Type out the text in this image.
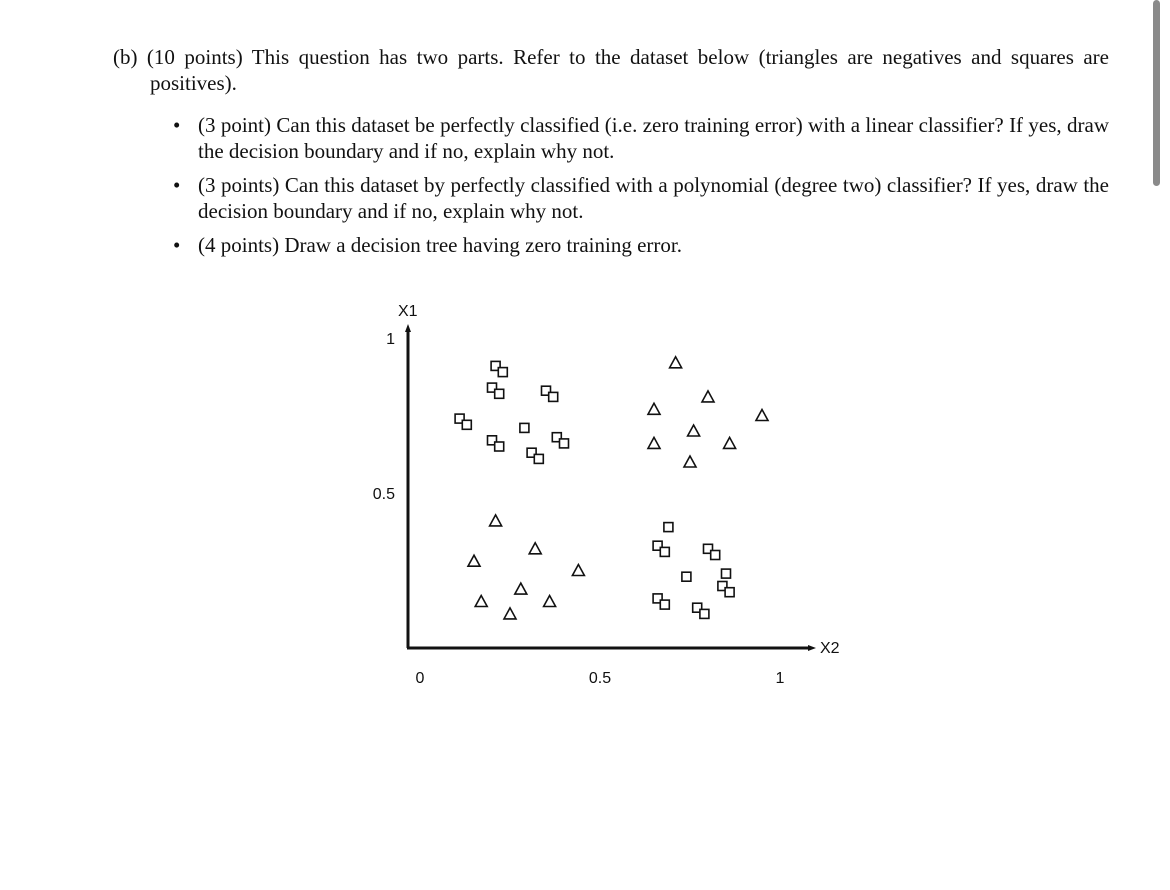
(b) (10 points) This question has two parts. Refer to the dataset below (triangles are negatives and squares are positives).
• (3 point) Can this dataset be perfectly classified (i.e. zero training error) with a linear classifier? If yes, draw the decision boundary and if no, explain why not.
• (3 points) Can this dataset by perfectly classified with a polynomial (degree two) classifier? If yes, draw the decision boundary and if no, explain why not.
• (4 points) Draw a decision tree having zero training error.
X1
X2
0	0.5	1
1
0.5
